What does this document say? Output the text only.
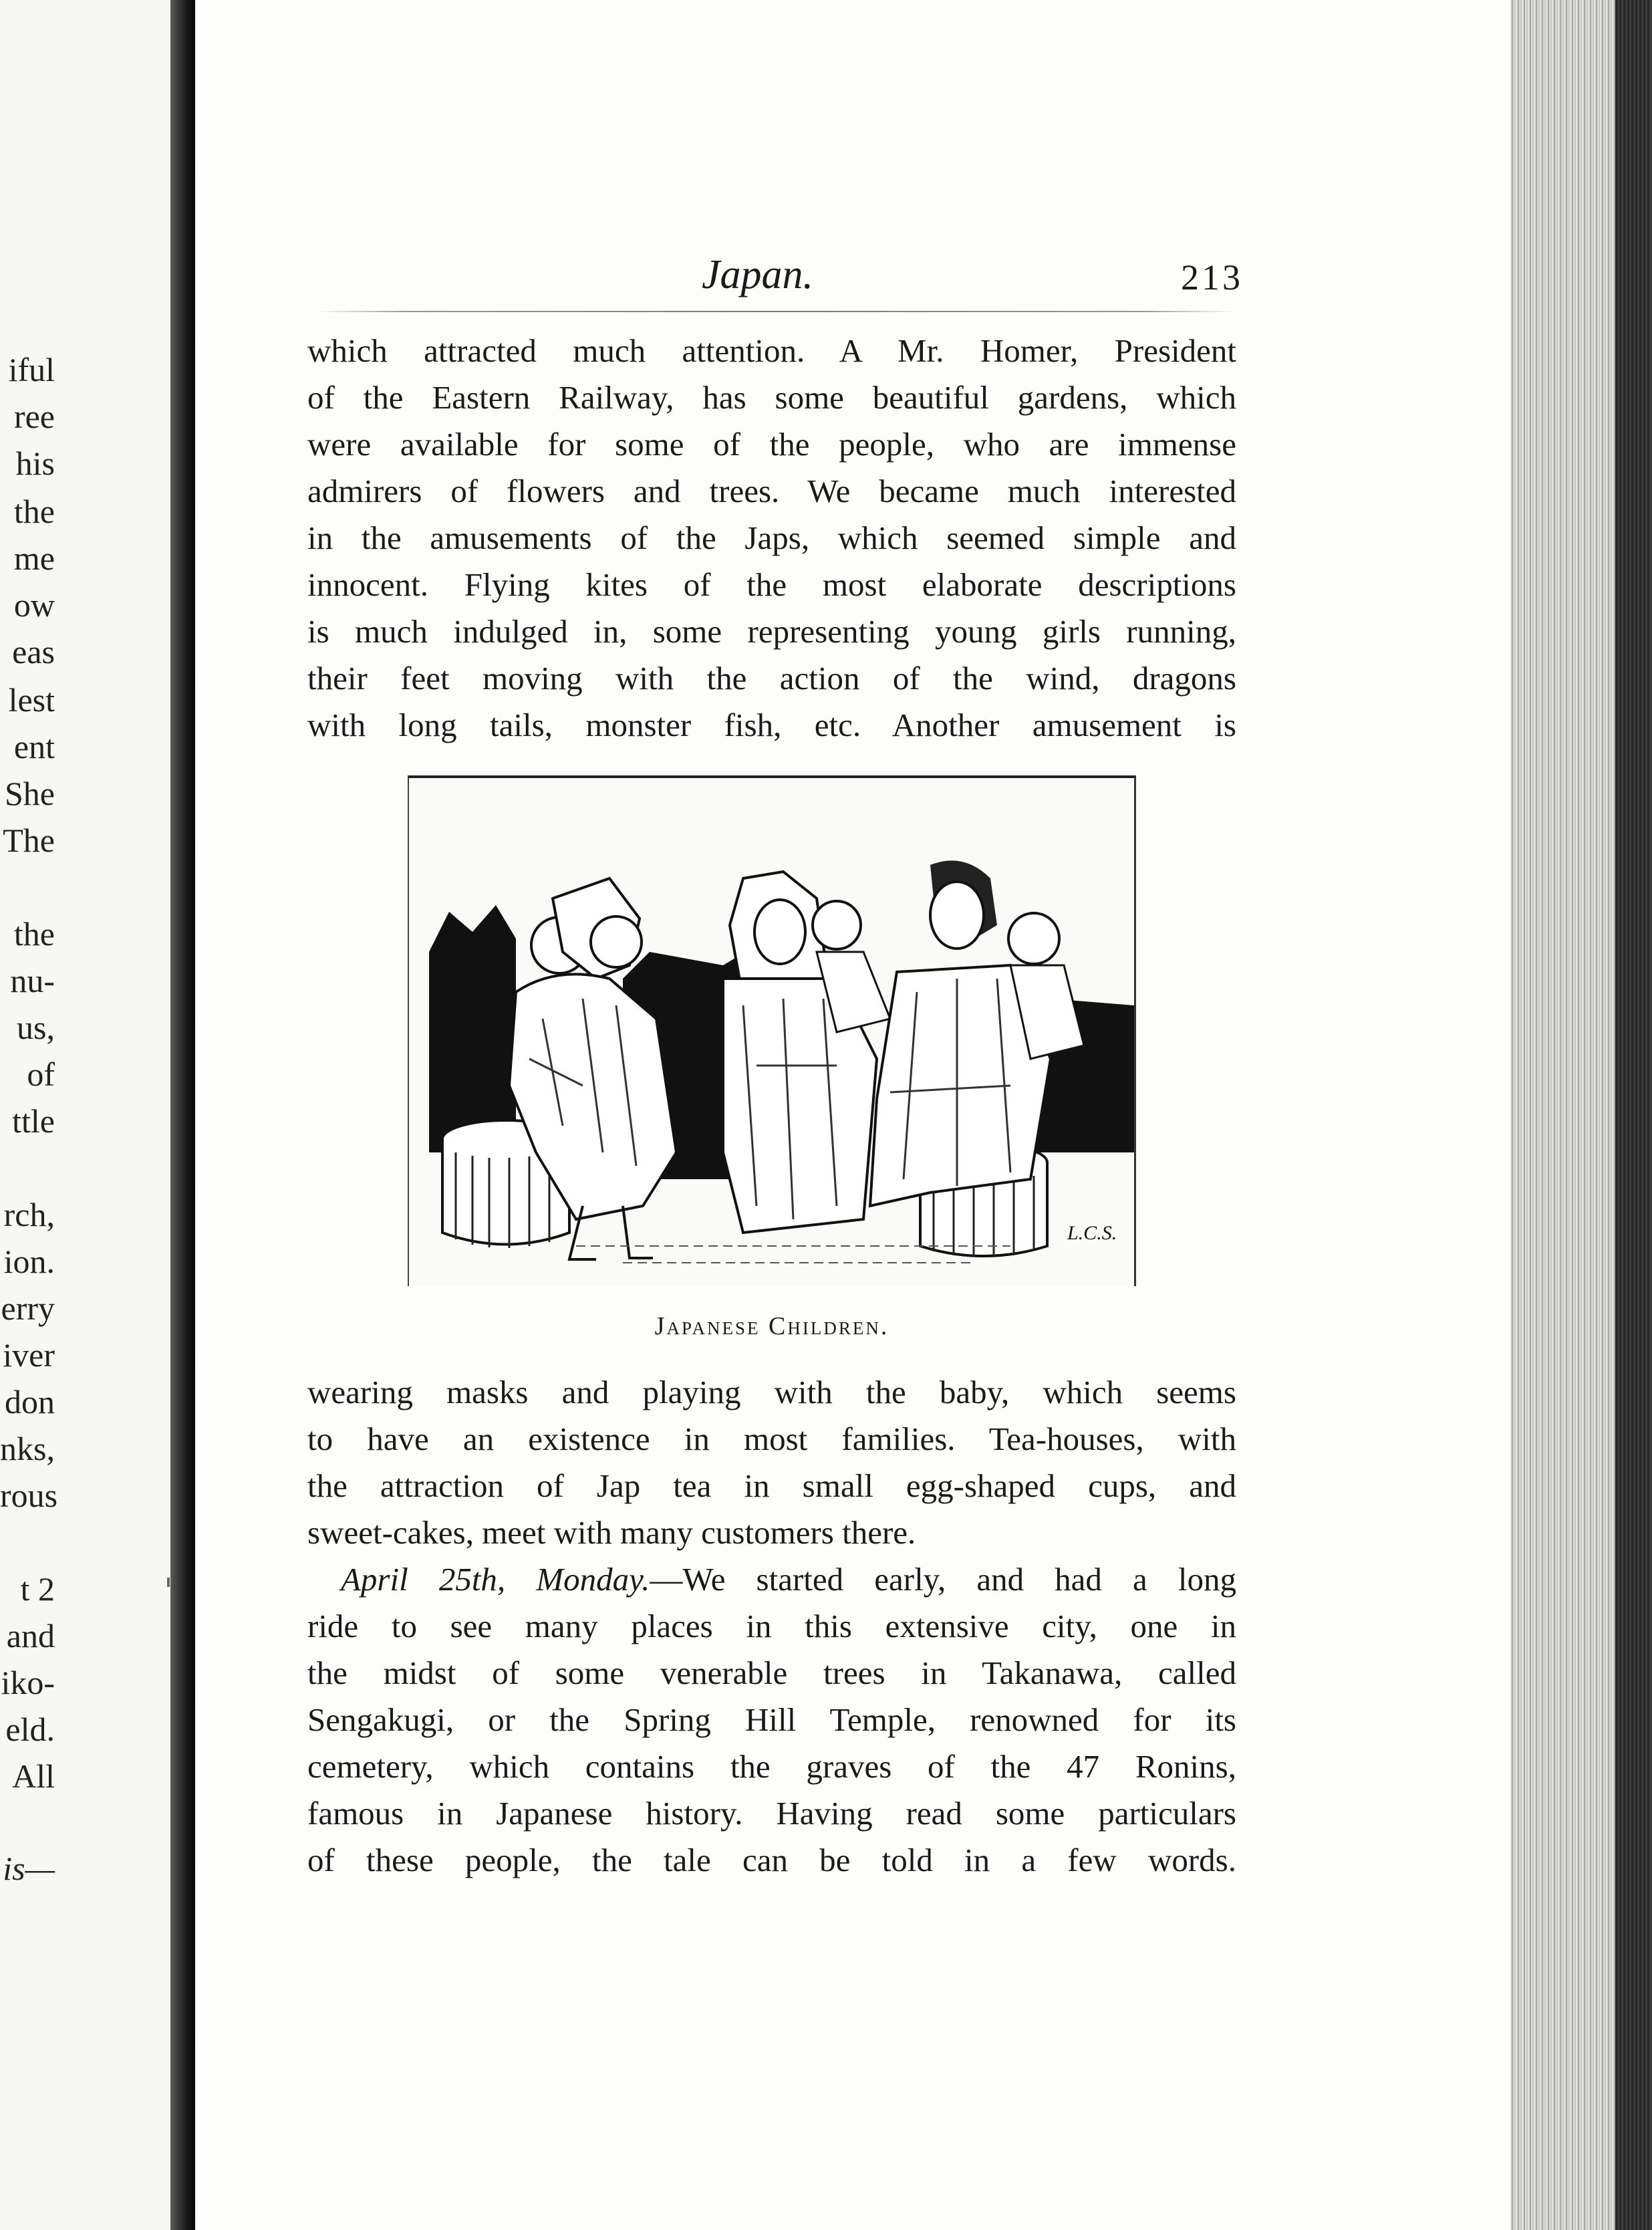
iful
ree
his
the
me
ow
eas
lest
ent
She
The
the
nu-
us,
of
ttle
rch,
ion.
erry
iver
don
nks,
rous
t 2
and
iko-
eld.
All
is—
Japan.	213
which attracted much attention. A Mr. Homer, President
of the Eastern Railway, has some beautiful gardens, which
were available for some of the people, who are immense
admirers of flowers and trees. We became much interested
in the amusements of the Japs, which seemed simple and
innocent. Flying kites of the most elaborate descriptions
is much indulged in, some representing young girls running,
their feet moving with the action of the wind, dragons
with long tails, monster fish, etc. Another amusement is
L.C.S.
Japanese Children.
wearing masks and playing with the baby, which seems
to have an existence in most families. Tea-houses, with
the attraction of Jap tea in small egg-shaped cups, and
sweet-cakes, meet with many customers there.
April 25th, Monday.—We started early, and had a long
ride to see many places in this extensive city, one in
the midst of some venerable trees in Takanawa, called
Sengakugi, or the Spring Hill Temple, renowned for its
cemetery, which contains the graves of the 47 Ronins,
famous in Japanese history. Having read some particulars
of these people, the tale can be told in a few words.
